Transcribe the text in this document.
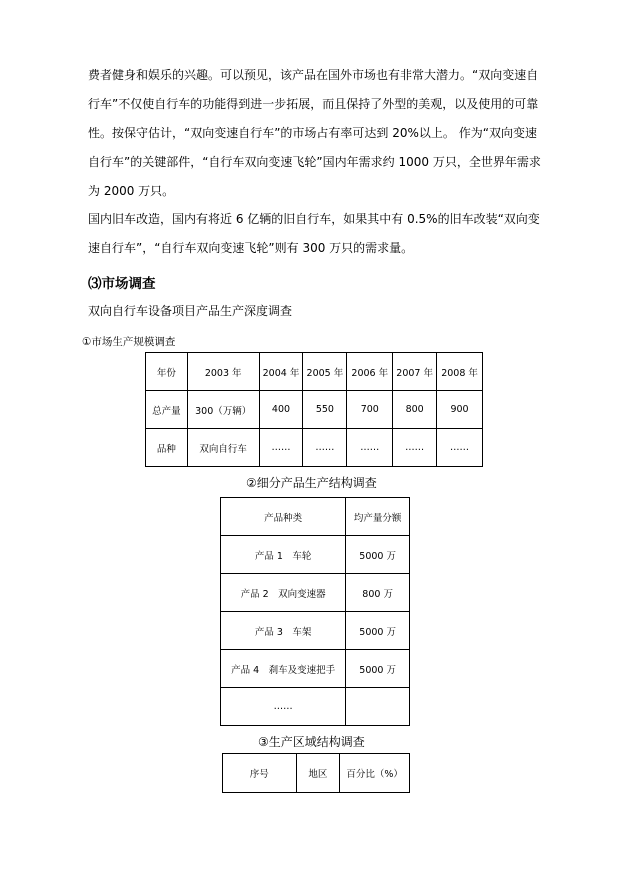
费者健身和娱乐的兴趣。可以预见，该产品在国外市场也有非常大潜力。“双向变速自行车”不仅使自行车的功能得到进一步拓展，而且保持了外型的美观，以及使用的可靠性。按保守估计，“双向变速自行车”的市场占有率可达到 20%以上。 作为“双向变速自行车”的关键部件，“自行车双向变速飞轮”国内年需求约 1000 万只，全世界年需求为 2000 万只。

国内旧车改造，国内有将近 6 亿辆的旧自行车，如果其中有 0.5%的旧车改装“双向变速自行车”，“自行车双向变速飞轮”则有 300 万只的需求量。

⑶市场调查

双向自行车设备项目产品生产深度调查

①市场生产规模调查

年份	2003 年	2004 年	2005 年	2006 年	2007 年	2008 年
总产量	300（万辆）	400	550	700	800	900
品种	双向自行车	……	……	……	……	……

②细分产品生产结构调查

产品种类	均产量分额
产品 1　车轮	5000 万
产品 2　双向变速器	800 万
产品 3　车架	5000 万
产品 4　刹车及变速把手	5000 万
……	

③生产区域结构调查

序号	地区	百分比（%）
